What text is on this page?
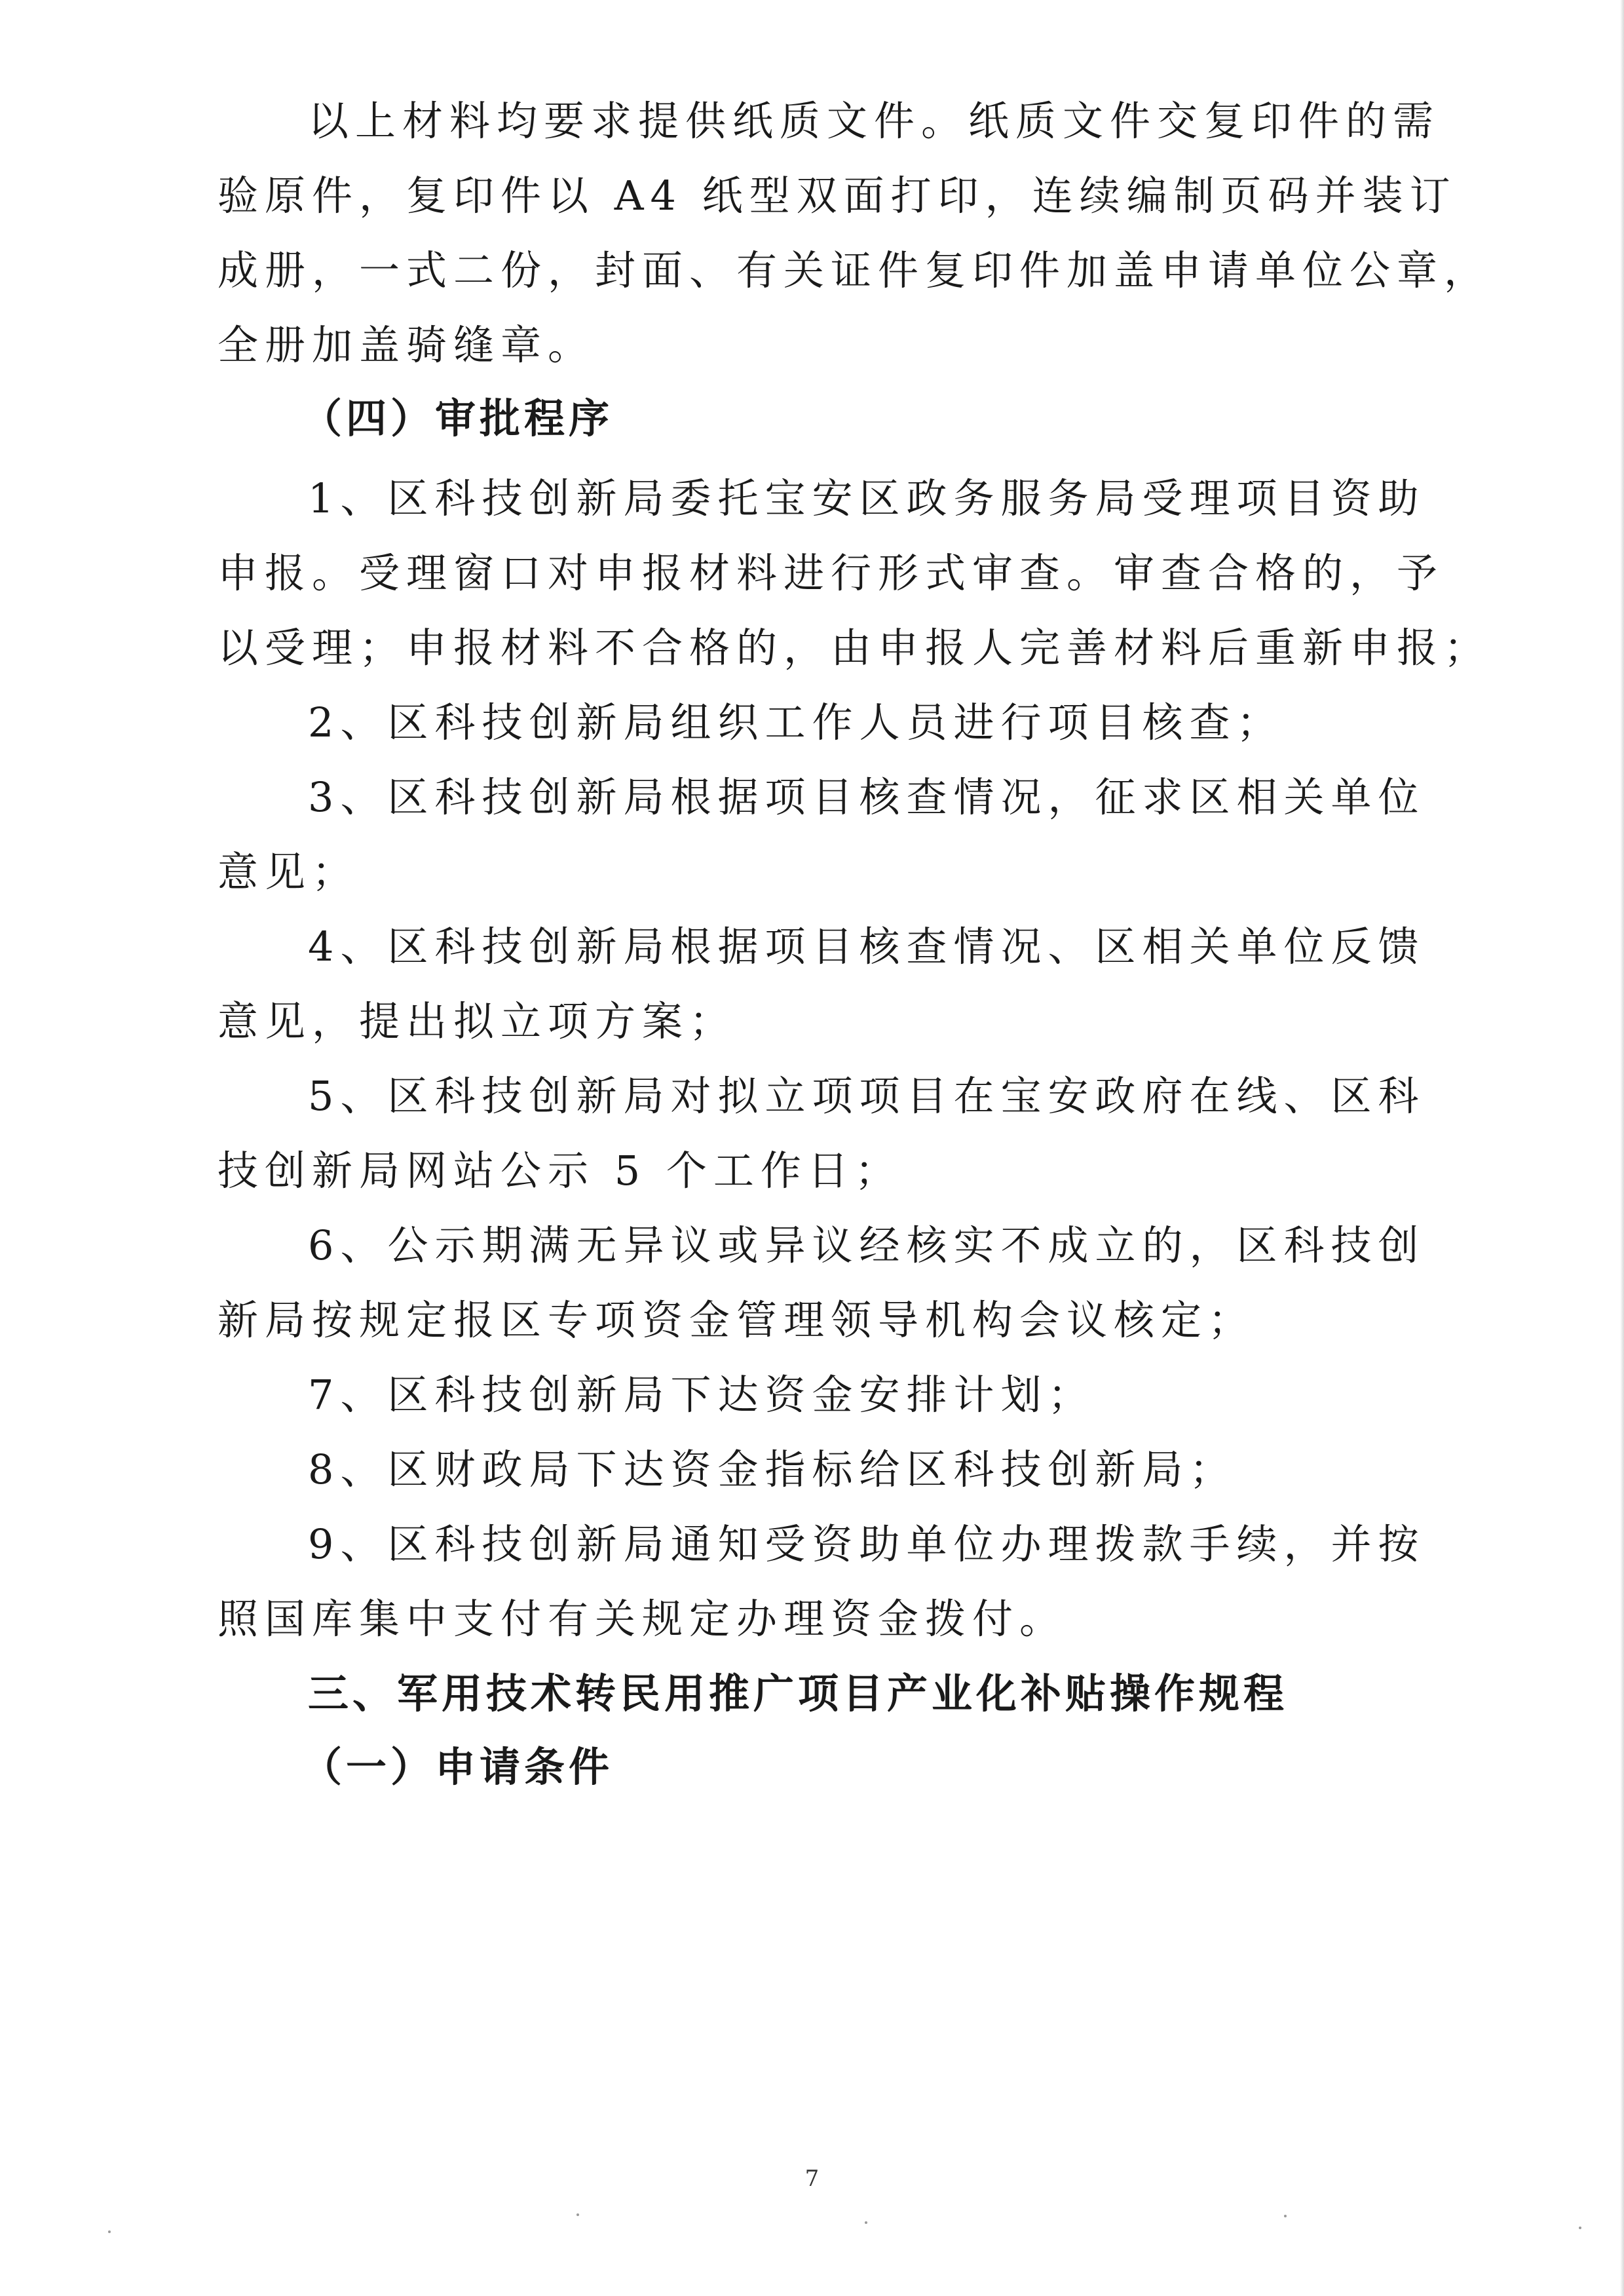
以上材料均要求提供纸质文件。纸质文件交复印件的需
验原件，复印件以 A4 纸型双面打印，连续编制页码并装订
成册，一式二份，封面、有关证件复印件加盖申请单位公章，
全册加盖骑缝章。
（四）审批程序
1、区科技创新局委托宝安区政务服务局受理项目资助
申报。受理窗口对申报材料进行形式审查。审查合格的，予
以受理；申报材料不合格的，由申报人完善材料后重新申报；
2、区科技创新局组织工作人员进行项目核查；
3、区科技创新局根据项目核查情况，征求区相关单位
意见；
4、区科技创新局根据项目核查情况、区相关单位反馈
意见，提出拟立项方案；
5、区科技创新局对拟立项项目在宝安政府在线、区科
技创新局网站公示 5 个工作日；
6、公示期满无异议或异议经核实不成立的，区科技创
新局按规定报区专项资金管理领导机构会议核定；
7、区科技创新局下达资金安排计划；
8、区财政局下达资金指标给区科技创新局；
9、区科技创新局通知受资助单位办理拨款手续，并按
照国库集中支付有关规定办理资金拨付。
三、军用技术转民用推广项目产业化补贴操作规程
（一）申请条件
7
